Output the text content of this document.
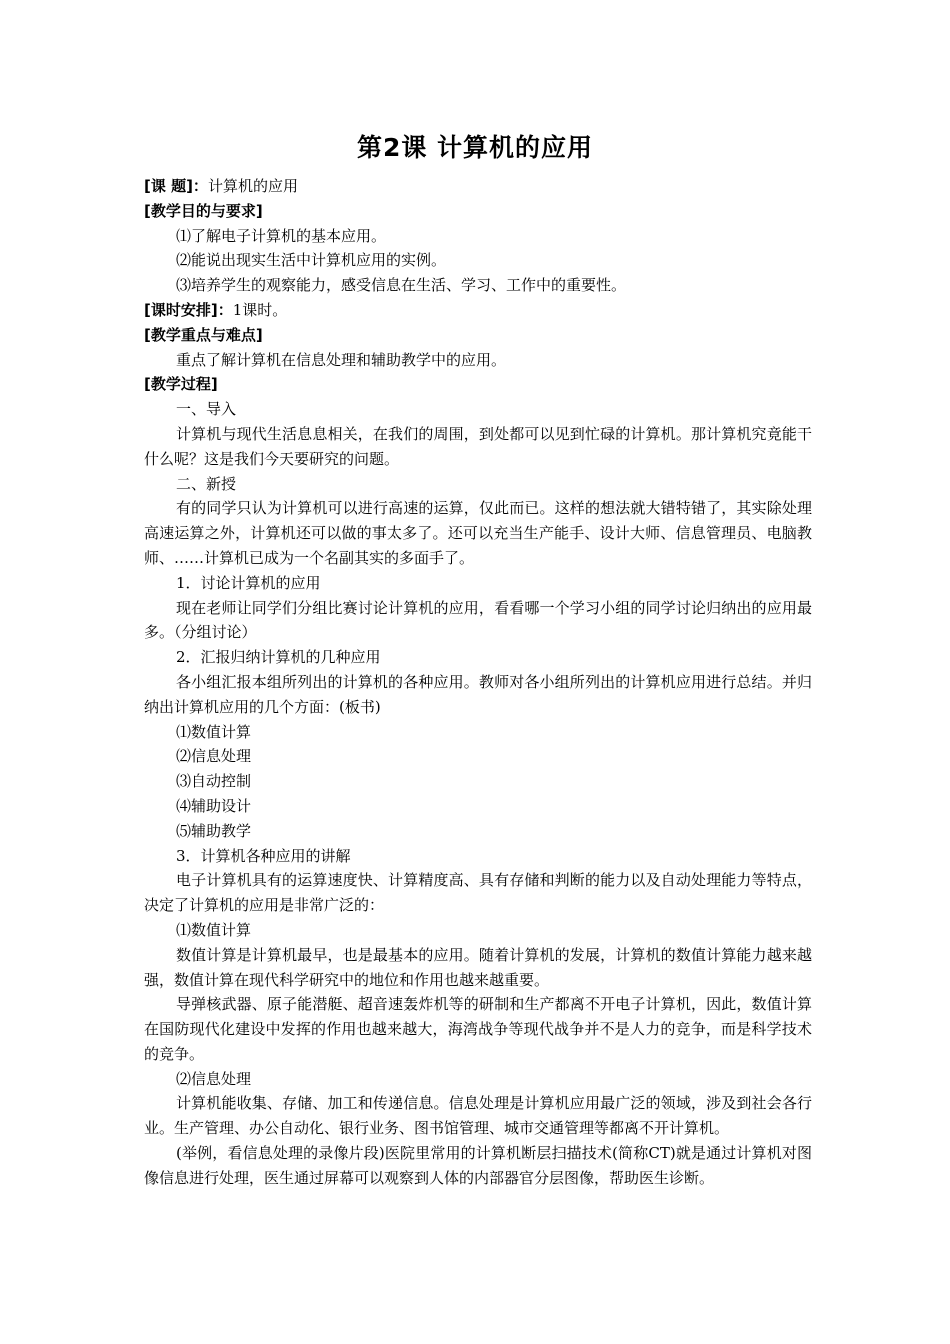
第2课 计算机的应用
[课 题]：计算机的应用
[教学目的与要求]
⑴了解电子计算机的基本应用。
⑵能说出现实生活中计算机应用的实例。
⑶培养学生的观察能力，感受信息在生活、学习、工作中的重要性。
[课时安排]：1课时。
[教学重点与难点]
重点了解计算机在信息处理和辅助教学中的应用。
[教学过程]
一、导入

计算机与现代生活息息相关，在我们的周围，到处都可以见到忙碌的计算机。那计算机究竟能干什么呢？这是我们今天要研究的问题。

二、新授

有的同学只认为计算机可以进行高速的运算，仅此而已。这样的想法就大错特错了，其实除处理高速运算之外，计算机还可以做的事太多了。还可以充当生产能手、设计大师、信息管理员、电脑教师、……计算机已成为一个名副其实的多面手了。

1．讨论计算机的应用

现在老师让同学们分组比赛讨论计算机的应用，看看哪一个学习小组的同学讨论归纳出的应用最多。（分组讨论）

2．汇报归纳计算机的几种应用

各小组汇报本组所列出的计算机的各种应用。教师对各小组所列出的计算机应用进行总结。并归纳出计算机应用的几个方面：(板书)

⑴数值计算
⑵信息处理
⑶自动控制
⑷辅助设计
⑸辅助教学
3．计算机各种应用的讲解

电子计算机具有的运算速度快、计算精度高、具有存储和判断的能力以及自动处理能力等特点，决定了计算机的应用是非常广泛的：

⑴数值计算

数值计算是计算机最早，也是最基本的应用。随着计算机的发展，计算机的数值计算能力越来越强，数值计算在现代科学研究中的地位和作用也越来越重要。

导弹核武器、原子能潜艇、超音速轰炸机等的研制和生产都离不开电子计算机，因此，数值计算在国防现代化建设中发挥的作用也越来越大，海湾战争等现代战争并不是人力的竞争，而是科学技术的竞争。

⑵信息处理

计算机能收集、存储、加工和传递信息。信息处理是计算机应用最广泛的领域，涉及到社会各行业。生产管理、办公自动化、银行业务、图书馆管理、城市交通管理等都离不开计算机。

(举例，看信息处理的录像片段)医院里常用的计算机断层扫描技术(简称CT)就是通过计算机对图像信息进行处理，医生通过屏幕可以观察到人体的内部器官分层图像，帮助医生诊断。
